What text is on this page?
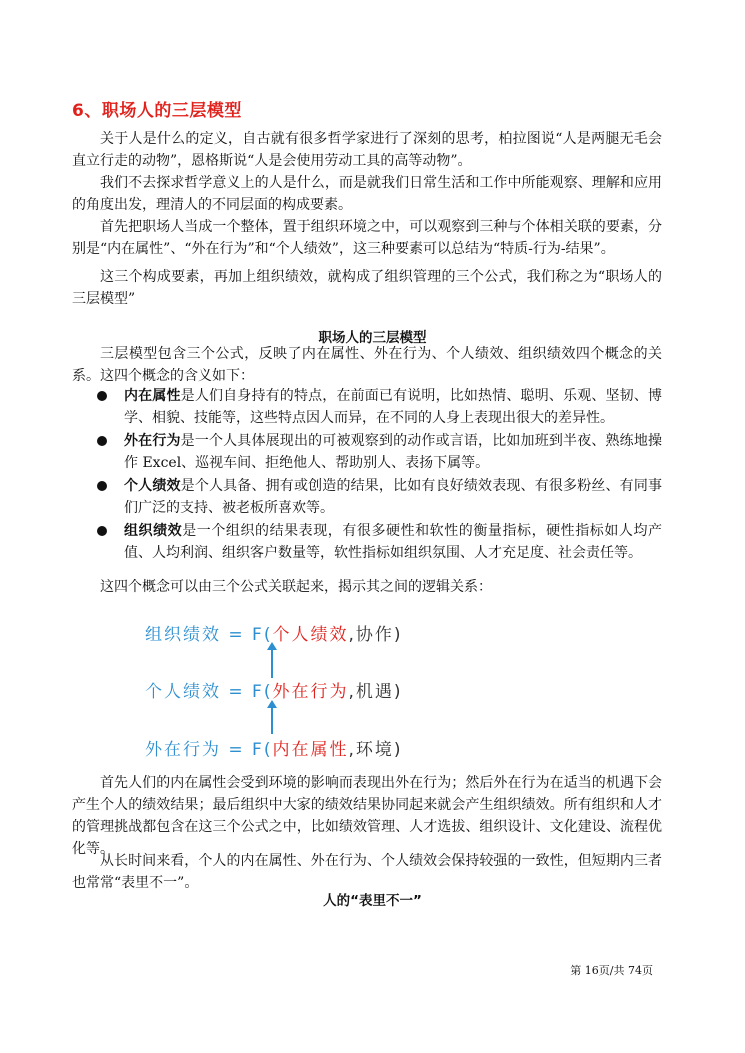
6、职场人的三层模型

关于人是什么的定义，自古就有很多哲学家进行了深刻的思考，柏拉图说“人是两腿无毛会直立行走的动物”，恩格斯说“人是会使用劳动工具的高等动物”。

我们不去探求哲学意义上的人是什么，而是就我们日常生活和工作中所能观察、理解和应用的角度出发，理清人的不同层面的构成要素。

首先把职场人当成一个整体，置于组织环境之中，可以观察到三种与个体相关联的要素，分别是“内在属性”、“外在行为”和“个人绩效”，这三种要素可以总结为“特质-行为-结果”。

这三个构成要素，再加上组织绩效，就构成了组织管理的三个公式，我们称之为“职场人的三层模型”

职场人的三层模型

三层模型包含三个公式，反映了内在属性、外在行为、个人绩效、组织绩效四个概念的关系。这四个概念的含义如下：

内在属性是人们自身持有的特点，在前面已有说明，比如热情、聪明、乐观、坚韧、博学、相貌、技能等，这些特点因人而异，在不同的人身上表现出很大的差异性。
外在行为是一个人具体展现出的可被观察到的动作或言语，比如加班到半夜、熟练地操作 Excel、巡视车间、拒绝他人、帮助别人、表扬下属等。
个人绩效是个人具备、拥有或创造的结果，比如有良好绩效表现、有很多粉丝、有同事们广泛的支持、被老板所喜欢等。
组织绩效是一个组织的结果表现，有很多硬性和软性的衡量指标，硬性指标如人均产值、人均利润、组织客户数量等，软性指标如组织氛围、人才充足度、社会责任等。

这四个概念可以由三个公式关联起来，揭示其之间的逻辑关系：

组织绩效 = F(个人绩效,协作)
个人绩效 = F(外在行为,机遇)
外在行为 = F(内在属性,环境)

首先人们的内在属性会受到环境的影响而表现出外在行为；然后外在行为在适当的机遇下会产生个人的绩效结果；最后组织中大家的绩效结果协同起来就会产生组织绩效。所有组织和人才的管理挑战都包含在这三个公式之中，比如绩效管理、人才选拔、组织设计、文化建设、流程优化等。

从长时间来看，个人的内在属性、外在行为、个人绩效会保持较强的一致性，但短期内三者也常常“表里不一”。

人的“表里不一”

第 16页/共 74页
